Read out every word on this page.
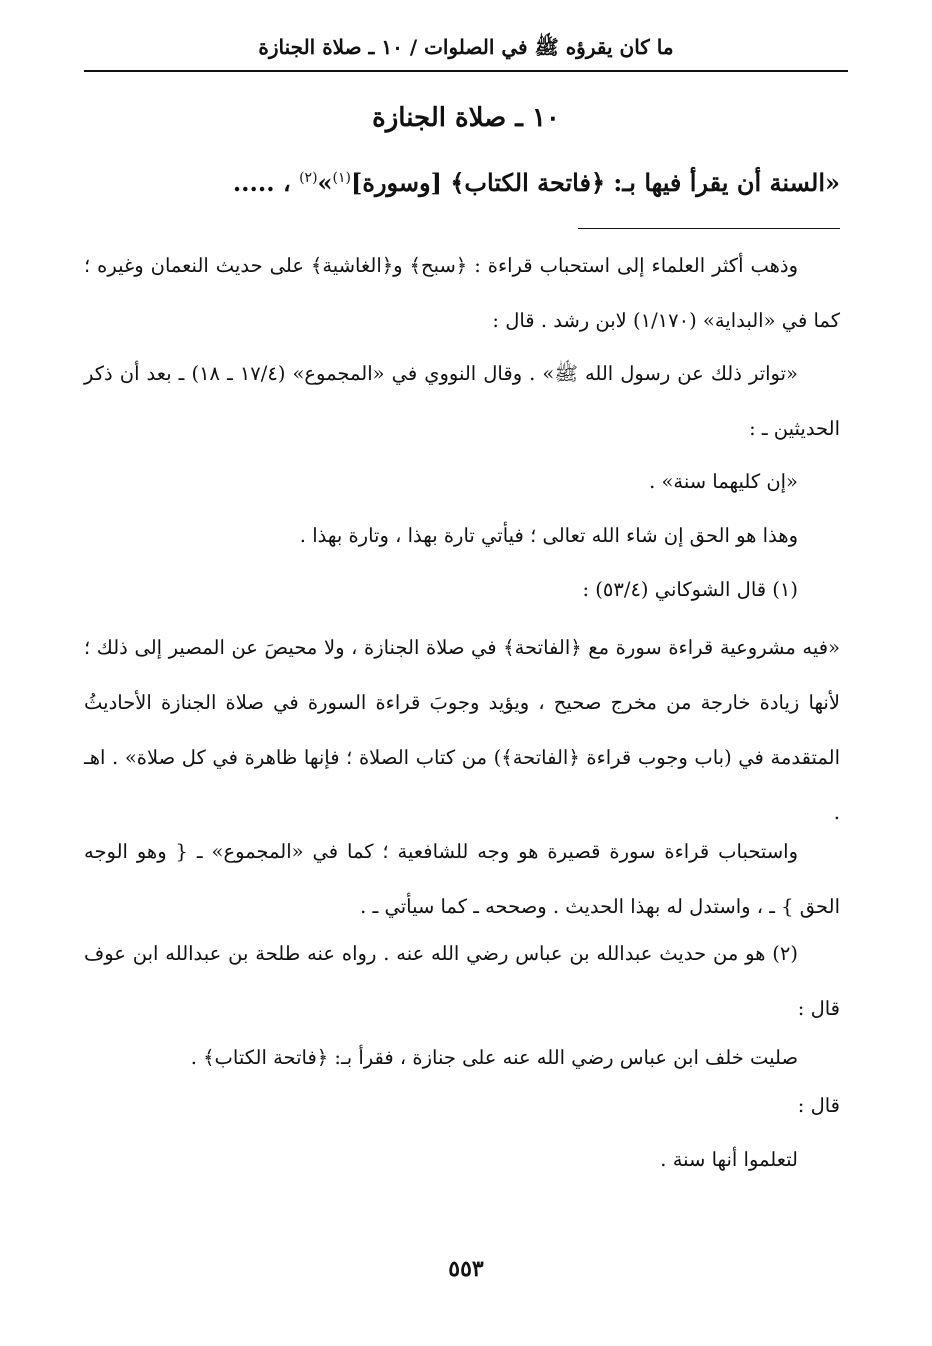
ما كان يقرؤه ﷺ في الصلوات / ١٠ ـ صلاة الجنازة
١٠ ـ صلاة الجنازة
«السنة أن يقرأ فيها بـ: ﴿فاتحة الكتاب﴾ [وسورة]$^{(١)}$»$^{(٢)}$ ، .....

وذهب أكثر العلماء إلى استحباب قراءة : ﴿سبح﴾ و﴿الغاشية﴾ على حديث النعمان وغيره ؛ كما في «البداية» (١/١٧٠) لابن رشد . قال :

«تواتر ذلك عن رسول الله ﷺ» . وقال النووي في «المجموع» (١٧/٤ ـ ١٨) ـ بعد أن ذكر الحديثين ـ :

«إن كليهما سنة» .

وهذا هو الحق إن شاء الله تعالى ؛ فيأتي تارة بهذا ، وتارة بهذا .

(١) قال الشوكاني (٥٣/٤) :

«فيه مشروعية قراءة سورة مع ﴿الفاتحة﴾ في صلاة الجنازة ، ولا محيصَ عن المصير إلى ذلك ؛ لأنها زيادة خارجة من مخرج صحيح ، ويؤيد وجوبَ قراءة السورة في صلاة الجنازة الأحاديثُ المتقدمة في (باب وجوب قراءة ﴿الفاتحة﴾) من كتاب الصلاة ؛ فإنها ظاهرة في كل صلاة» . اهـ .

واستحباب قراءة سورة قصيرة هو وجه للشافعية ؛ كما في «المجموع» ـ { وهو الوجه الحق } ـ ، واستدل له بهذا الحديث . وصححه ـ كما سيأتي ـ .

(٢) هو من حديث عبدالله بن عباس رضي الله عنه . رواه عنه طلحة بن عبدالله ابن عوف قال :

صليت خلف ابن عباس رضي الله عنه على جنازة ، فقرأ بـ: ﴿فاتحة الكتاب﴾ .

قال :

لتعلموا أنها سنة .

٥٥٣
